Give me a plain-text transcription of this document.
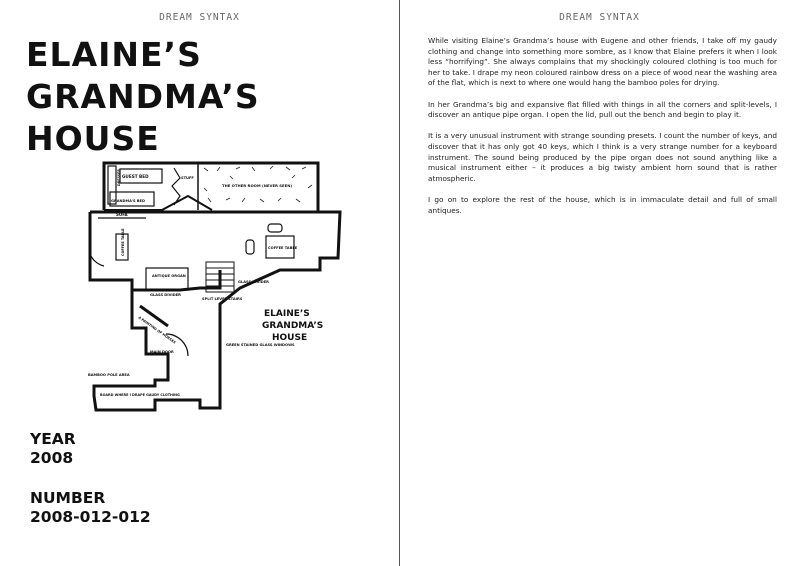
DREAM SYNTAX
ELAINE’S
GRANDMA’S
HOUSE
DRESSER GUEST BED	STUFF
GRANDMA'S BED
THE OTHER ROOM (NEVER SEEN)
SOFA
COFFEE TABLE	COFFEE TABLE
ANTIQUE ORGAN
GLASS DIVIDER
GLASS DIVIDER
SPLIT LEVEL STAIRS
A PAINTING OF HORSES
MAIN DOOR
GREEN STAINED GLASS WINDOWS
BAMBOO POLE AREA
BOARD WHERE I DRAPE GAUDY CLOTHING
ELAINE’S
GRANDMA’S
HOUSE
YEAR
2008
NUMBER
2008-012-012
DREAM SYNTAX

While visiting Elaine’s Grandma’s house with Eugene and other friends, I take off my gaudy clothing and change into something more sombre, as I know that Elaine prefers it when I look less “horrifying”. She always complains that my shockingly coloured clothing is too much for her to take. I drape my neon coloured rainbow dress on a piece of wood near the washing area of the flat, which is next to where one would hang the bamboo poles for drying.

In her Grandma’s big and expansive flat filled with things in all the corners and split-levels, I discover an antique pipe organ. I open the lid, pull out the bench and begin to play it.

It is a very unusual instrument with strange sounding presets. I count the number of keys, and discover that it has only got 40 keys, which I think is a very strange number for a keyboard instrument. The sound being produced by the pipe organ does not sound anything like a musical instrument either – it produces a big twisty ambient horn sound that is rather atmospheric.

I go on to explore the rest of the house, which is in immaculate detail and full of small antiques.
